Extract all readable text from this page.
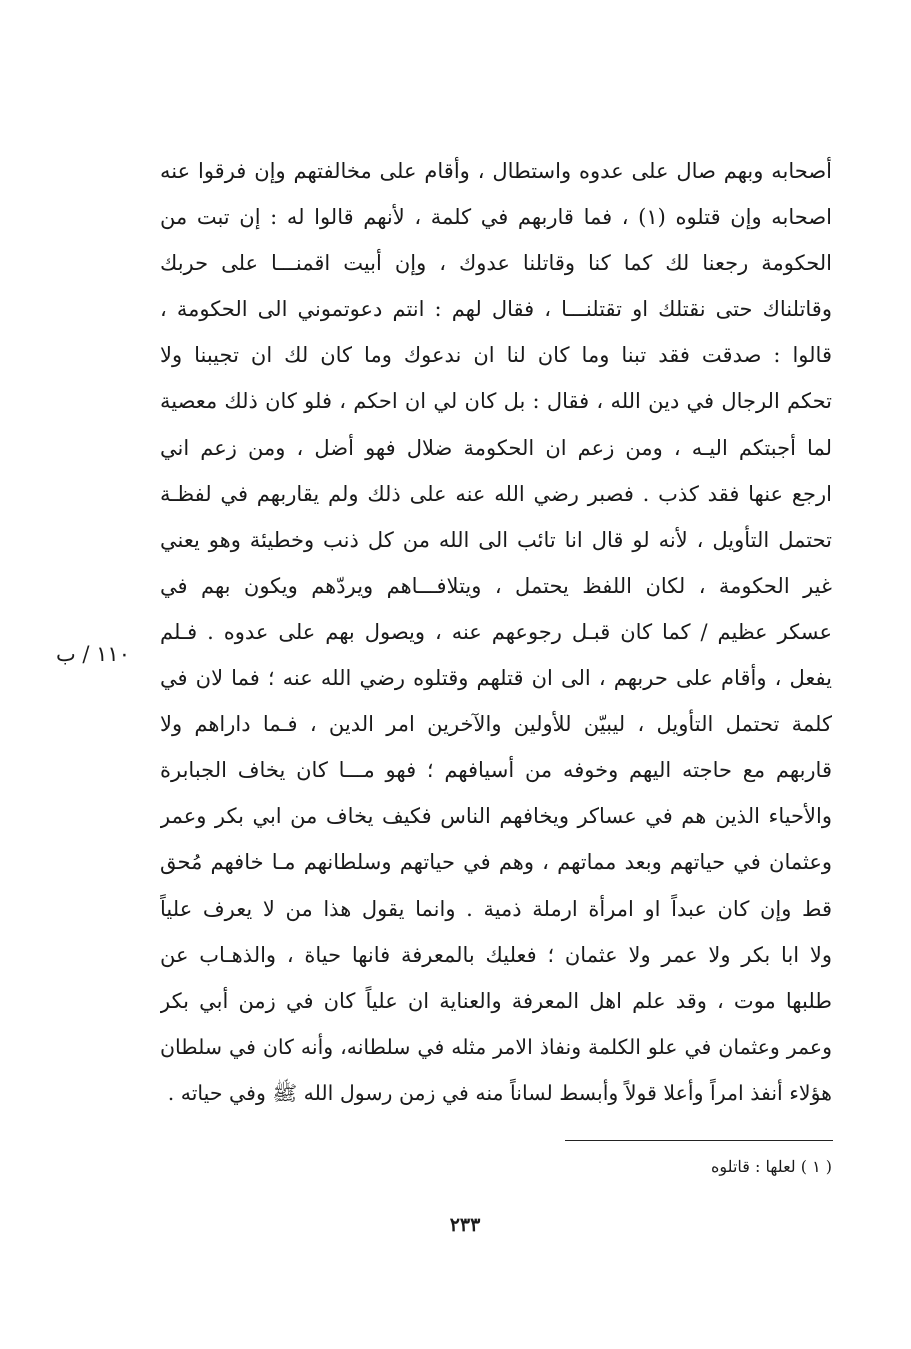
أصحابه وبهم صال على عدوه واستطال ، وأقام على مخالفتهم وإن فرقوا عنه
اصحابه وإن قتلوه (١) ، فما قاربهم في كلمة ، لأنهم قالوا له : إن تبت من
الحكومة رجعنا لك كما كنا وقاتلنا عدوك ، وإن أبيت اقمنـــا على حربك
وقاتلناك حتى نقتلك او تقتلنـــا ، فقال لهم : انتم دعوتموني الى الحكومة ،
قالوا : صدقت فقد تبنا وما كان لنا ان ندعوك وما كان لك ان تجيبنا ولا
تحكم الرجال في دين الله ، فقال : بل كان لي ان احكم ، فلو كان ذلك معصية
لما أجبتكم اليـه ، ومن زعم ان الحكومة ضلال فهو أضل ، ومن زعم اني
ارجع عنها فقد كذب . فصبر رضي الله عنه على ذلك ولم يقاربهم في لفظـة
تحتمل التأويل ، لأنه لو قال انا تائب الى الله من كل ذنب وخطيئة وهو يعني
غير الحكومة ، لكان اللفظ يحتمل ، ويتلافـــاهم ويردّهم ويكون بهم في
عسكر عظيم / كما كان قبـل رجوعهم عنه ، ويصول بهم على عدوه . فـلم
يفعل ، وأقام على حربهم ، الى ان قتلهم وقتلوه رضي الله عنه ؛ فما لان في
كلمة تحتمل التأويل ، ليبيّن للأولين والآخرين امر الدين ، فـما داراهم ولا
قاربهم مع حاجته اليهم وخوفه من أسيافهم ؛ فهو مـــا كان يخاف الجبابرة
والأحياء الذين هم في عساكر ويخافهم الناس فكيف يخاف من ابي بكر وعمر
وعثمان في حياتهم وبعد مماتهم ، وهم في حياتهم وسلطانهم مـا خافهم مُحق
قط وإن كان عبداً او امرأة ارملة ذمية . وانما يقول هذا من لا يعرف علياً
ولا ابا بكر ولا عمر ولا عثمان ؛ فعليك بالمعرفة فانها حياة ، والذهـاب عن
طلبها موت ، وقد علم اهل المعرفة والعناية ان علياً كان في زمن أبي بكر
وعمر وعثمان في علو الكلمة ونفاذ الامر مثله في سلطانه، وأنه كان في سلطان
هؤلاء أنفذ امراً وأعلا قولاً وأبسط لساناً منه في زمن رسول الله ﷺ وفي حياته .
١١٠ / ب
( ١ ) لعلها : قاتلوه
٢٣٣
